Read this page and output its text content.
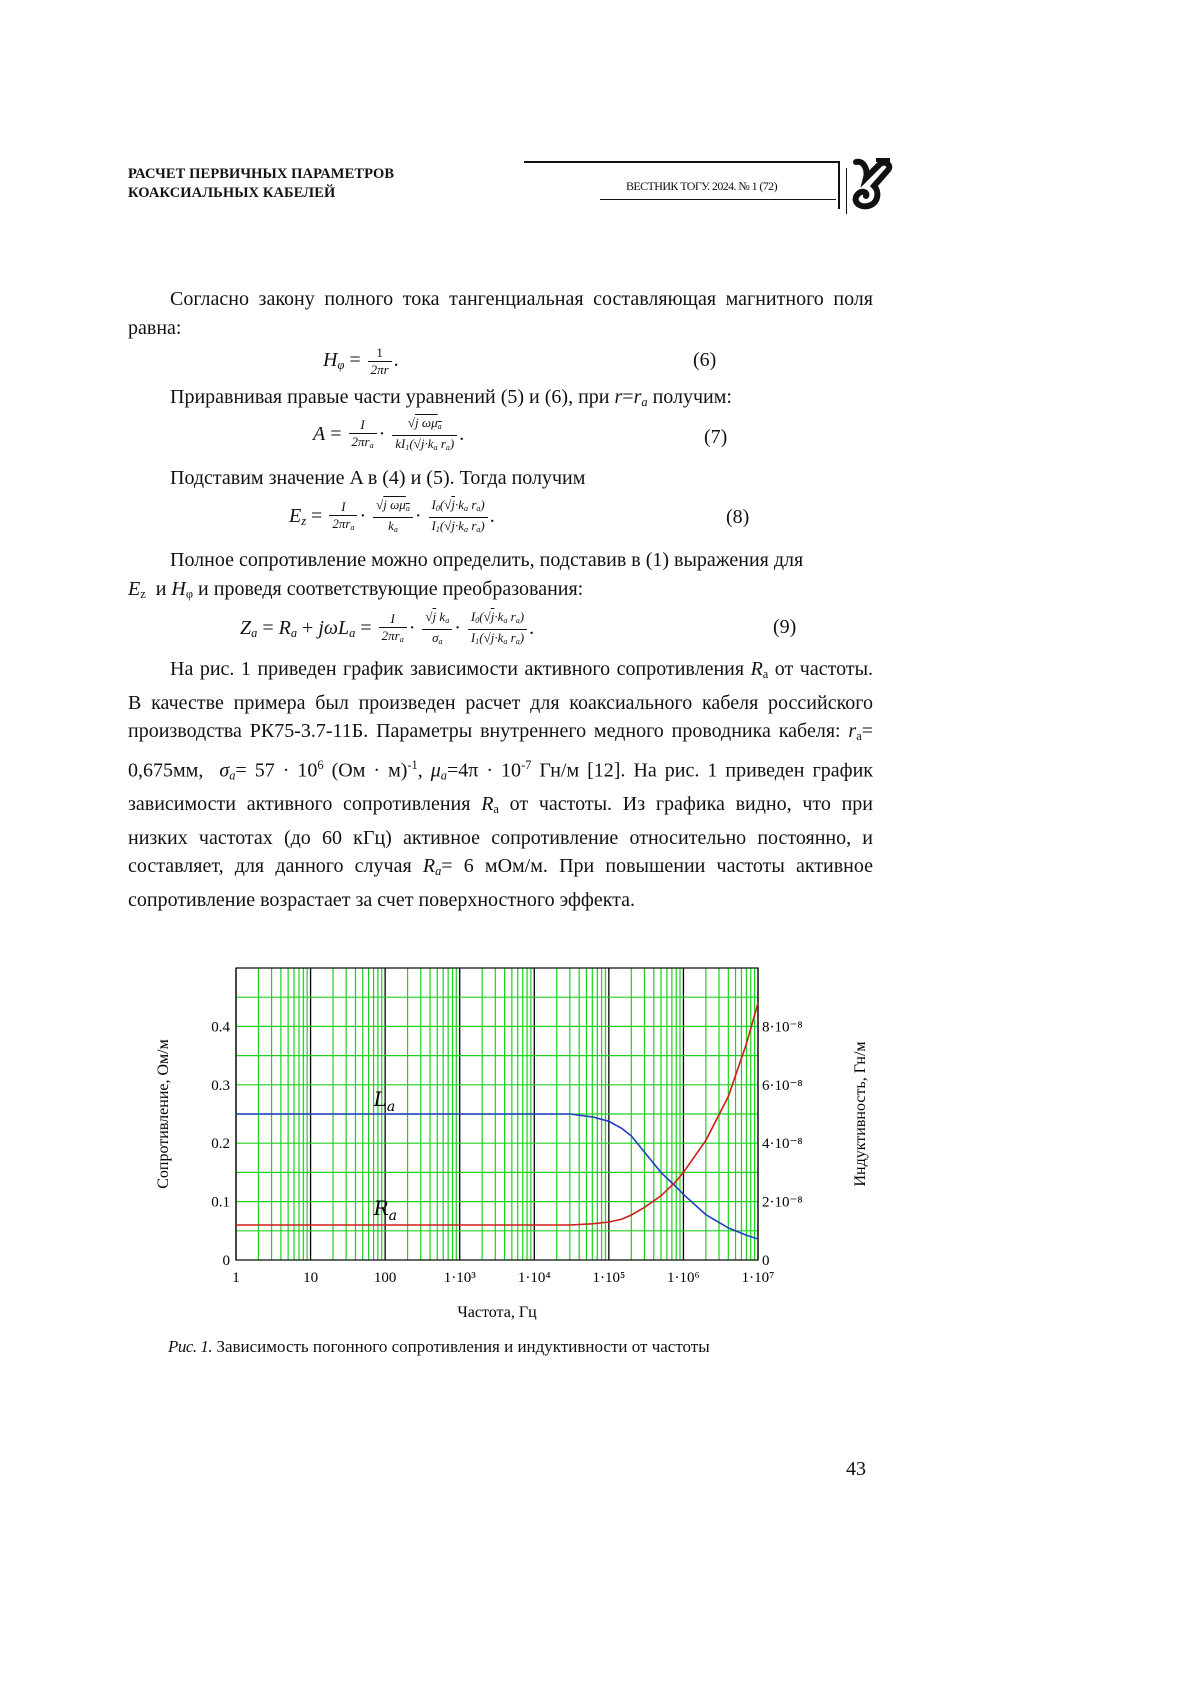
РАСЧЕТ ПЕРВИЧНЫХ ПАРАМЕТРОВ
КОАКСИАЛЬНЫХ КАБЕЛЕЙ	ВЕСТНИК ТОГУ. 2024. № 1 (72)

Согласно закону полного тока тангенциальная составляющая магнитного поля равна:

$H_\varphi = \frac{1}{2\pi r}$ .	(6)

Приравнивая правые части уравнений (5) и (6), при $r=r_a$ получим:

$A = \frac{I}{2\pi r_a} \cdot \frac{√j \omega\mu_a}{kI_1(√j\cdot k_a r_a)}$ .	(7)

Подставим значение A в (4) и (5). Тогда получим

$E_z = \frac{I}{2\pi r_a} \cdot \frac{√j \omega\mu_a}{k_a} \cdot \frac{I_0(√j\cdot k_a r_a)}{I_1(√j\cdot k_a r_a)}$ .	(8)

Полное сопротивление можно определить, подставив в (1) выражения для

$E_z$  и $H_\varphi$ и проведя соответствующие преобразования:

$Z_a = R_a + j\omega L_a = \frac{I}{2\pi r_a} \cdot \frac{√j k_a}{\sigma_a} \cdot \frac{I_0(√j\cdot k_a r_a)}{I_1(√j\cdot k_a r_a)}$ .	(9)

На рис. 1 приведен график зависимости активного сопротивления $R_а$ от частоты. В качестве примера был произведен расчет для коаксиального кабеля российского производства РК75-3.7-11Б. Параметры внутреннего медного проводника кабеля: $r_a= 0,675мм$,  $\sigma_a= 57 \cdot 10^6$ (Ом · м)$^{-1}$, $\mu_a=4\pi \cdot 10^{-7}$ Гн/м [12]. На рис. 1 приведен график зависимости активного сопротивления $R_а$ от частоты. Из графика видно, что при низких частотах (до 60 кГц) активное сопротивление относительно постоянно, и составляет, для данного случая $R_a= 6$ мОм/м. При повышении частоты активное сопротивление возрастает за счет поверхностного эффекта.

1	10	100	1·10³	1·10⁴	1·10⁵	1·10⁶	1·10⁷
0
0.1
0.2
0.3
0.4
0
2·10⁻⁸
4·10⁻⁸
6·10⁻⁸
8·10⁻⁸
Частота, Гц
Сопротивление, Ом/м	Индуктивность, Гн/м
$L_a$
$R_a$
Рис. 1. Зависимость погонного сопротивления и индуктивности от частоты
43
